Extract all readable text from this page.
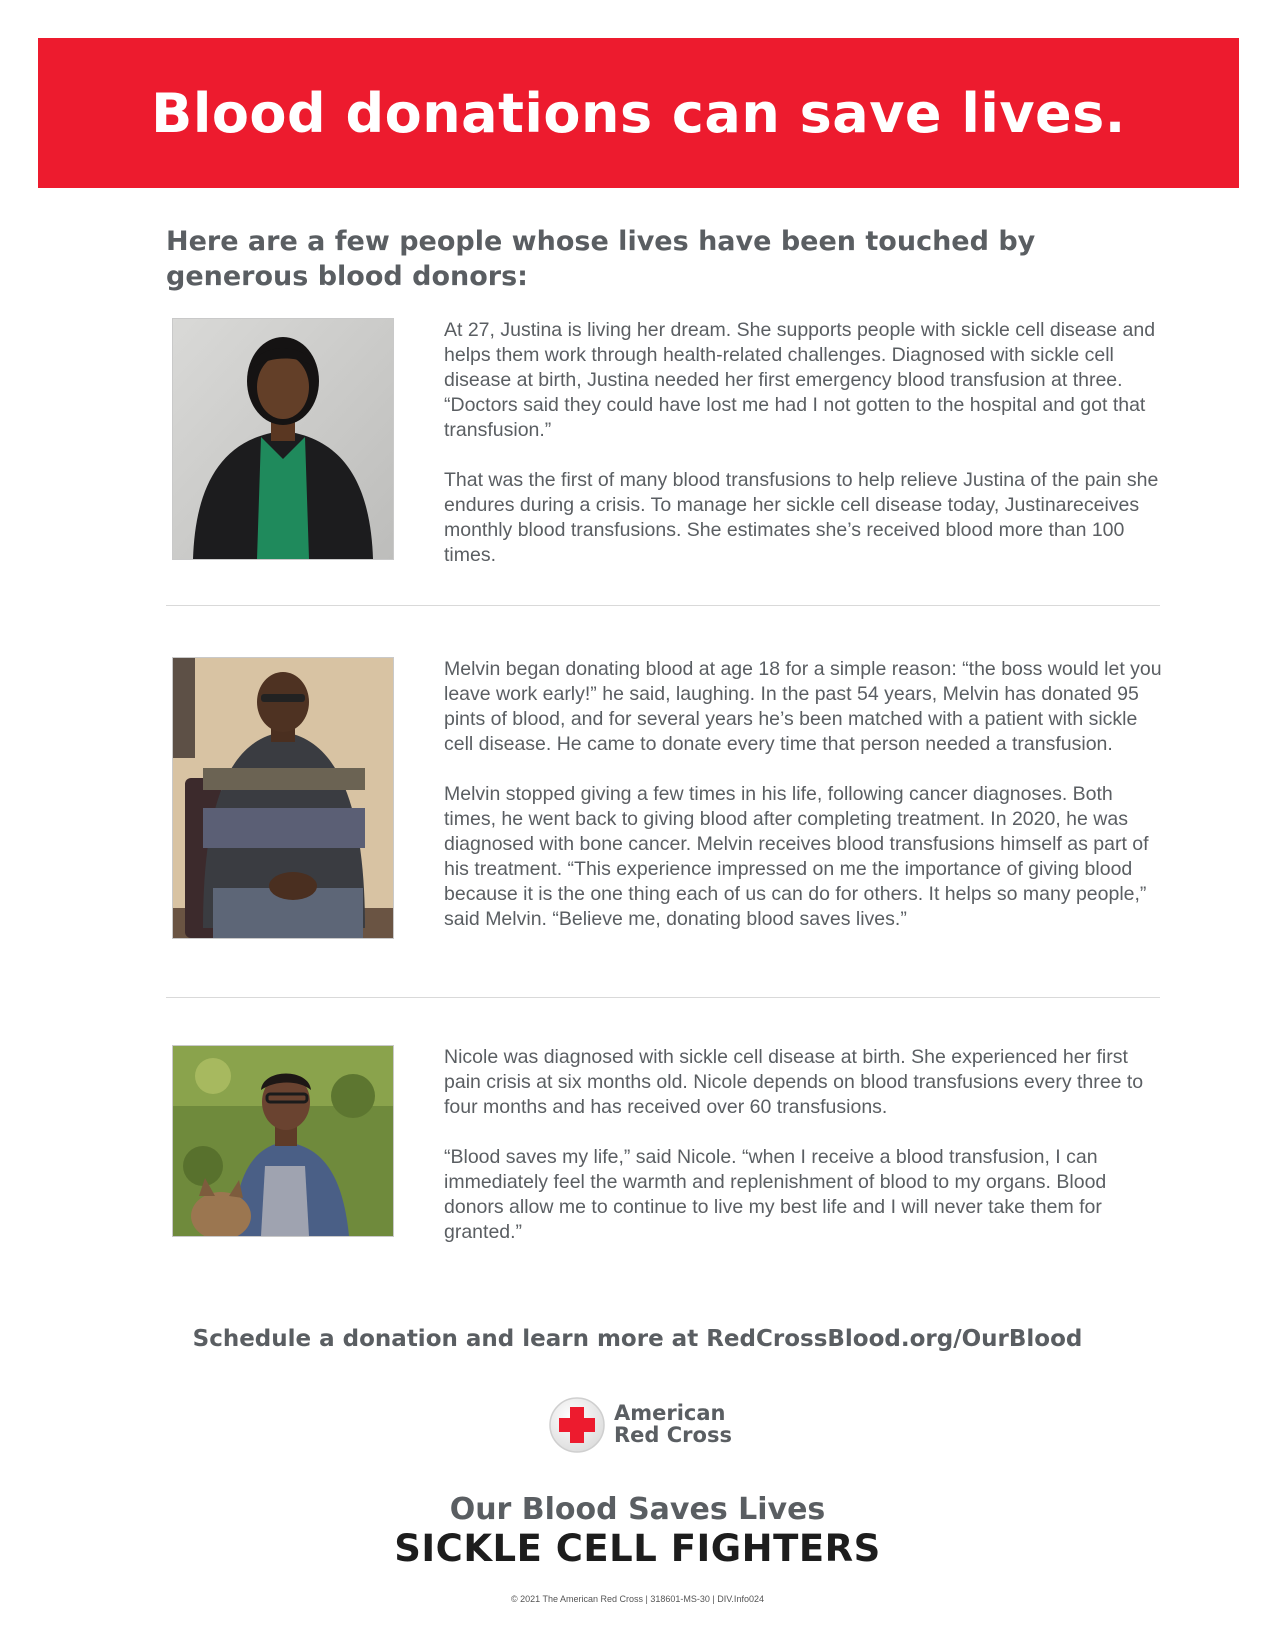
Blood donations can save lives.
Here are a few people whose lives have been touched by generous blood donors:

At 27, Justina is living her dream. She supports people with sickle cell disease and helps them work through health-related challenges. Diagnosed with sickle cell disease at birth, Justina needed her first emergency blood transfusion at three. “Doctors said they could have lost me had I not gotten to the hospital and got that transfusion.”

That was the first of many blood transfusions to help relieve Justina of the pain she endures during a crisis. To manage her sickle cell disease today, Justinareceives monthly blood transfusions. She estimates she’s received blood more than 100 times.

Melvin began donating blood at age 18 for a simple reason: “the boss would let you leave work early!” he said, laughing. In the past 54 years, Melvin has donated 95 pints of blood, and for several years he’s been matched with a patient with sickle cell disease. He came to donate every time that person needed a transfusion.

Melvin stopped giving a few times in his life, following cancer diagnoses. Both times, he went back to giving blood after completing treatment. In 2020, he was diagnosed with bone cancer. Melvin receives blood transfusions himself as part of his treatment. “This experience impressed on me the importance of giving blood because it is the one thing each of us can do for others. It helps so many people,” said Melvin. “Believe me, donating blood saves lives.”

Nicole was diagnosed with sickle cell disease at birth. She experienced her first pain crisis at six months old. Nicole depends on blood transfusions every three to four months and has received over 60 transfusions.

“Blood saves my life,” said Nicole. “when I receive a blood transfusion, I can immediately feel the warmth and replenishment of blood to my organs. Blood donors allow me to continue to live my best life and I will never take them for granted.”

Schedule a donation and learn more at RedCrossBlood.org/OurBlood

American
Red Cross

Our Blood Saves Lives

SICKLE CELL FIGHTERS

© 2021 The American Red Cross | 318601-MS-30 | DIV.Info024
